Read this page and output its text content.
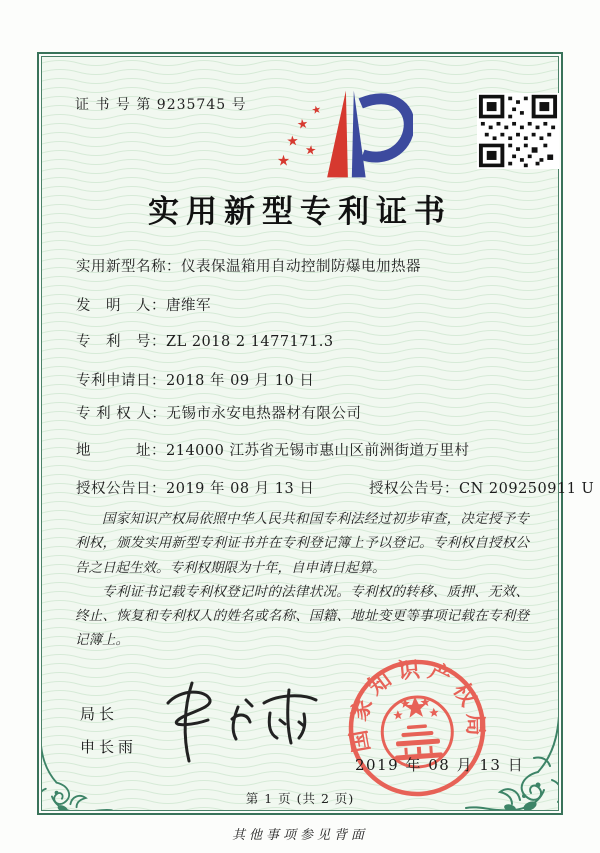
证 书 号 第 9235745 号	★
★
★
★
★
实用新型专利证书
实用新型名称：仪表保温箱用自动控制防爆电加热器
发　明　人：唐维军
专　利　号：ZL 2018 2 1477171.3
专利申请日：2018 年 09 月 10 日
专 利 权 人：无锡市永安电热器材有限公司
地　　　址：214000 江苏省无锡市惠山区前洲街道万里村
授权公告日：2019 年 08 月 13 日	授权公告号：CN 209250911 U

国家知识产权局依照中华人民共和国专利法经过初步审查，决定授予专利权，颁发实用新型专利证书并在专利登记簿上予以登记。专利权自授权公告之日起生效。专利权期限为十年，自申请日起算。

专利证书记载专利权登记时的法律状况。专利权的转移、质押、无效、终止、恢复和专利权人的姓名或名称、国籍、地址变更等事项记载在专利登记簿上。

局长
申长雨	国家知识产权局
2019 年 08 月 13 日
第 1 页 (共 2 页)
其他事项参见背面
